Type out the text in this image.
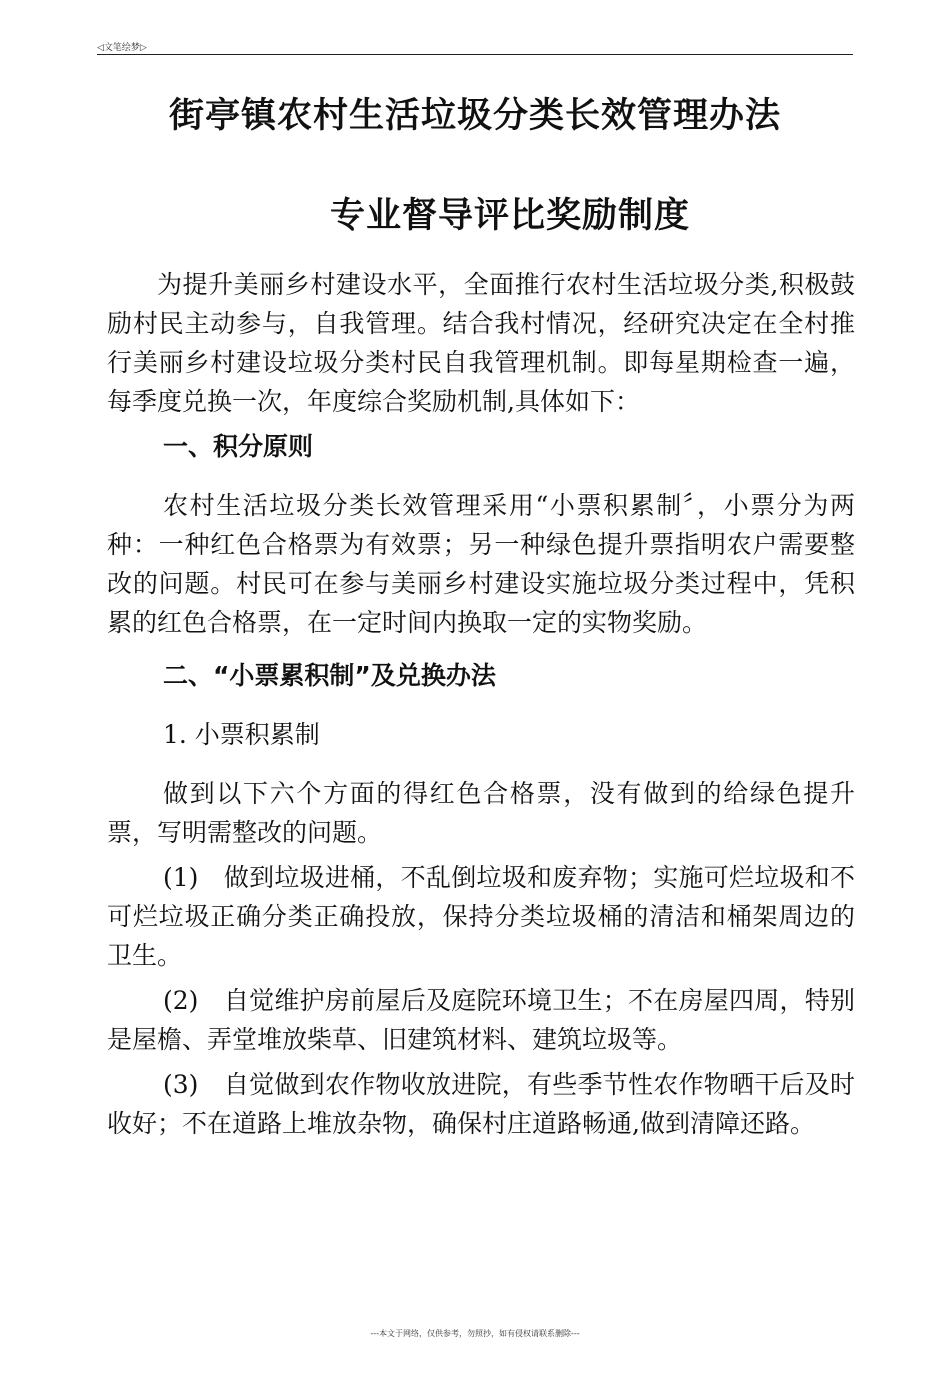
◁文笔绘梦▷
街亭镇农村生活垃圾分类长效管理办法
专业督导评比奖励制度

为提升美丽乡村建设水平，全面推行农村生活垃圾分类,积极鼓励村民主动参与，自我管理。结合我村情况，经研究决定在全村推行美丽乡村建设垃圾分类村民自我管理机制。即每星期检查一遍，每季度兑换一次，年度综合奖励机制,具体如下：

一、积分原则

农村生活垃圾分类长效管理采用“小票积累制〞，小票分为两种：一种红色合格票为有效票；另一种绿色提升票指明农户需要整改的问题。村民可在参与美丽乡村建设实施垃圾分类过程中，凭积累的红色合格票，在一定时间内换取一定的实物奖励。

二、“小票累积制”及兑换办法

1. 小票积累制

做到以下六个方面的得红色合格票，没有做到的给绿色提升票，写明需整改的问题。

(1)　做到垃圾进桶，不乱倒垃圾和废弃物；实施可烂垃圾和不可烂垃圾正确分类正确投放，保持分类垃圾桶的清洁和桶架周边的卫生。

(2)　自觉维护房前屋后及庭院环境卫生；不在房屋四周，特别是屋檐、弄堂堆放柴草、旧建筑材料、建筑垃圾等。

(3)　自觉做到农作物收放进院，有些季节性农作物晒干后及时收好；不在道路上堆放杂物，确保村庄道路畅通,做到清障还路。

---本文于网络，仅供参考，勿照抄，如有侵权请联系删除---
